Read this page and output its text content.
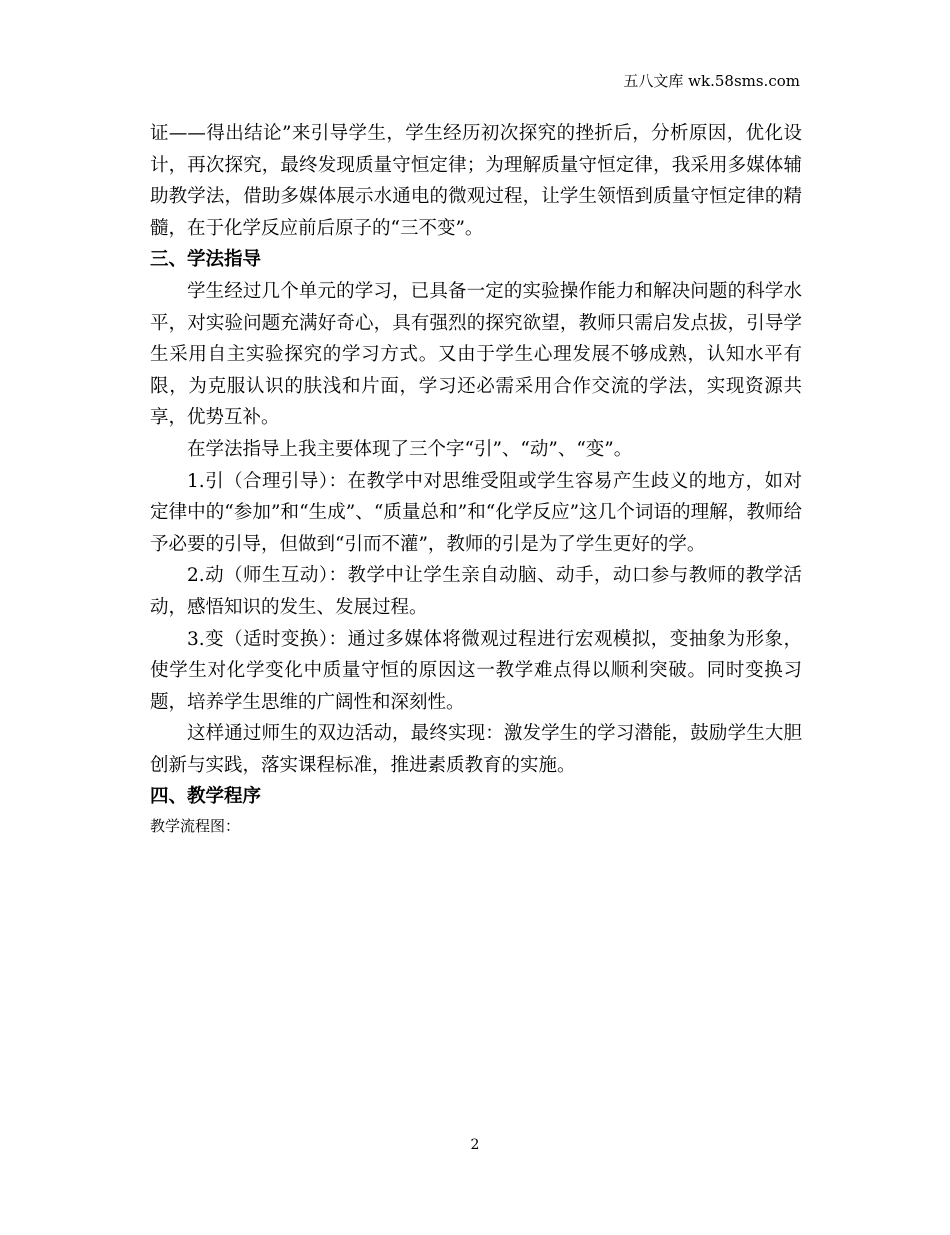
五八文库 wk.58sms.com

证——得出结论”来引导学生，学生经历初次探究的挫折后，分析原因，优化设计，再次探究，最终发现质量守恒定律；为理解质量守恒定律，我采用多媒体辅助教学法，借助多媒体展示水通电的微观过程，让学生领悟到质量守恒定律的精髓，在于化学反应前后原子的“三不变”。

三、学法指导

学生经过几个单元的学习，已具备一定的实验操作能力和解决问题的科学水平，对实验问题充满好奇心，具有强烈的探究欲望，教师只需启发点拔，引导学生采用自主实验探究的学习方式。又由于学生心理发展不够成熟，认知水平有限，为克服认识的肤浅和片面，学习还必需采用合作交流的学法，实现资源共享，优势互补。

在学法指导上我主要体现了三个字“引”、“动”、“变”。

1.引（合理引导）：在教学中对思维受阻或学生容易产生歧义的地方，如对定律中的“参加”和“生成”、“质量总和”和“化学反应”这几个词语的理解，教师给予必要的引导，但做到“引而不灌”，教师的引是为了学生更好的学。

2.动（师生互动）：教学中让学生亲自动脑、动手，动口参与教师的教学活动，感悟知识的发生、发展过程。

3.变（适时变换）：通过多媒体将微观过程进行宏观模拟，变抽象为形象，使学生对化学变化中质量守恒的原因这一教学难点得以顺利突破。同时变换习题，培养学生思维的广阔性和深刻性。

这样通过师生的双边活动，最终实现：激发学生的学习潜能，鼓励学生大胆创新与实践，落实课程标准，推进素质教育的实施。

四、教学程序

教学流程图：

2
